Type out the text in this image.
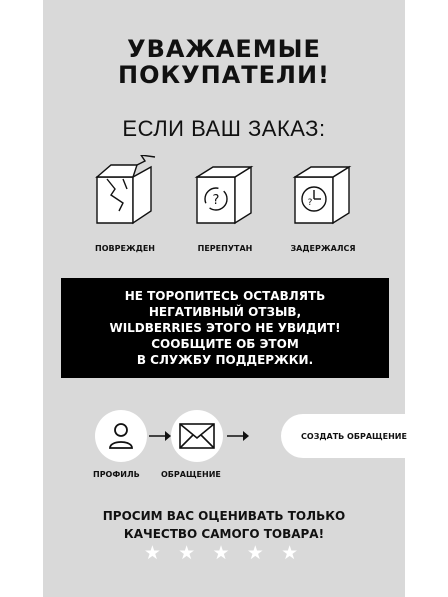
УВАЖАЕМЫЕ
ПОКУПАТЕЛИ!
ЕСЛИ ВАШ ЗАКАЗ:
ПОВРЕЖДЕН
?
ПЕРЕПУТАН
?
ЗАДЕРЖАЛСЯ
НЕ ТОРОПИТЕСЬ ОСТАВЛЯТЬ
НЕГАТИВНЫЙ ОТЗЫВ,
WILDBERRIES ЭТОГО НЕ УВИДИТ!
СООБЩИТЕ ОБ ЭТОМ
В СЛУЖБУ ПОДДЕРЖКИ.
СОЗДАТЬ ОБРАЩЕНИЕ
ПРОФИЛЬ	ОБРАЩЕНИЕ
ПРОСИМ ВАС ОЦЕНИВАТЬ ТОЛЬКО
КАЧЕСТВО САМОГО ТОВАРА!
★ ★ ★ ★ ★
